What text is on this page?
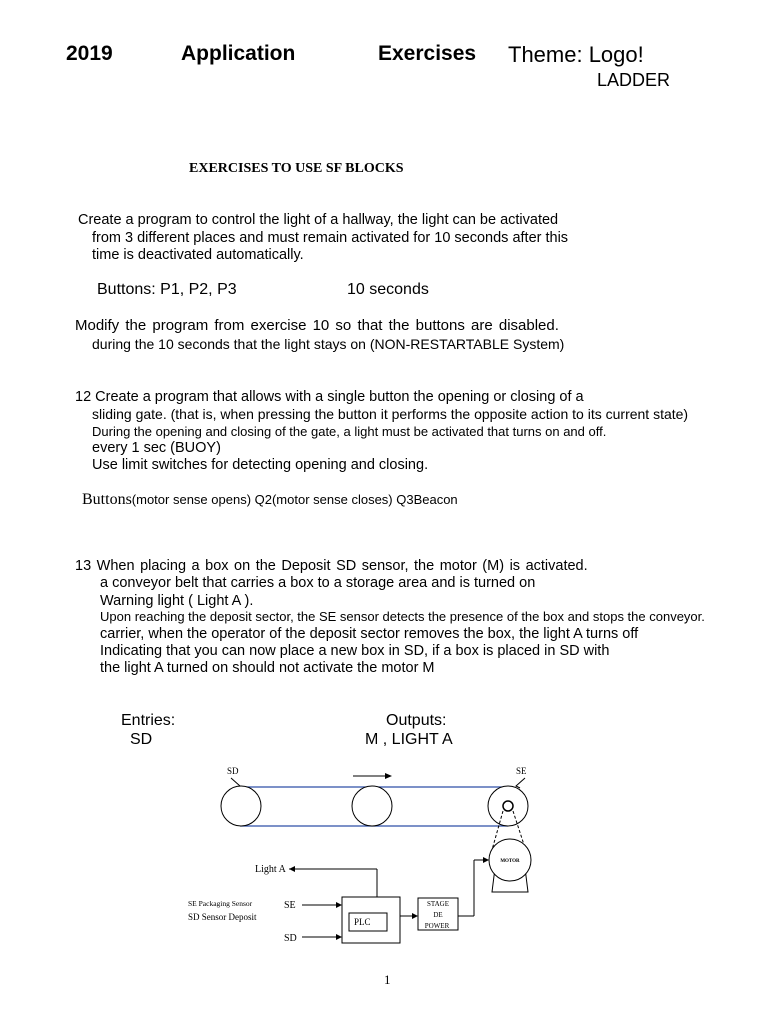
2019	Application	Exercises Theme: Logo!
LADDER
EXERCISES TO USE SF BLOCKS
Create a program to control the light of a hallway, the light can be activated
from 3 different places and must remain activated for 10 seconds after this
time is deactivated automatically.
Buttons: P1, P2, P3	10 seconds
Modify the program from exercise 10 so that the buttons are disabled.
during the 10 seconds that the light stays on (NON-RESTARTABLE System)
12 Create a program that allows with a single button the opening or closing of a
sliding gate. (that is, when pressing the button it performs the opposite action to its current state)
During the opening and closing of the gate, a light must be activated that turns on and off.
every 1 sec (BUOY)
Use limit switches for detecting opening and closing.
Buttons(motor sense opens) Q2(motor sense closes) Q3Beacon
13 When placing a box on the Deposit SD sensor, the motor (M) is activated.
a conveyor belt that carries a box to a storage area and is turned on
Warning light ( Light A ).
Upon reaching the deposit sector, the SE sensor detects the presence of the box and stops the conveyor.
carrier, when the operator of the deposit sector removes the box, the light A turns off
Indicating that you can now place a new box in SD, if a box is placed in SD with
the light A turned on should not activate the motor M
Entries:
SD
Outputs:
M , LIGHT A
SD	SE
MOTOR
Light A
SE Packaging Sensor
SD Sensor Deposit
SE
SD
PLC
STAGE
DE
POWER
1
